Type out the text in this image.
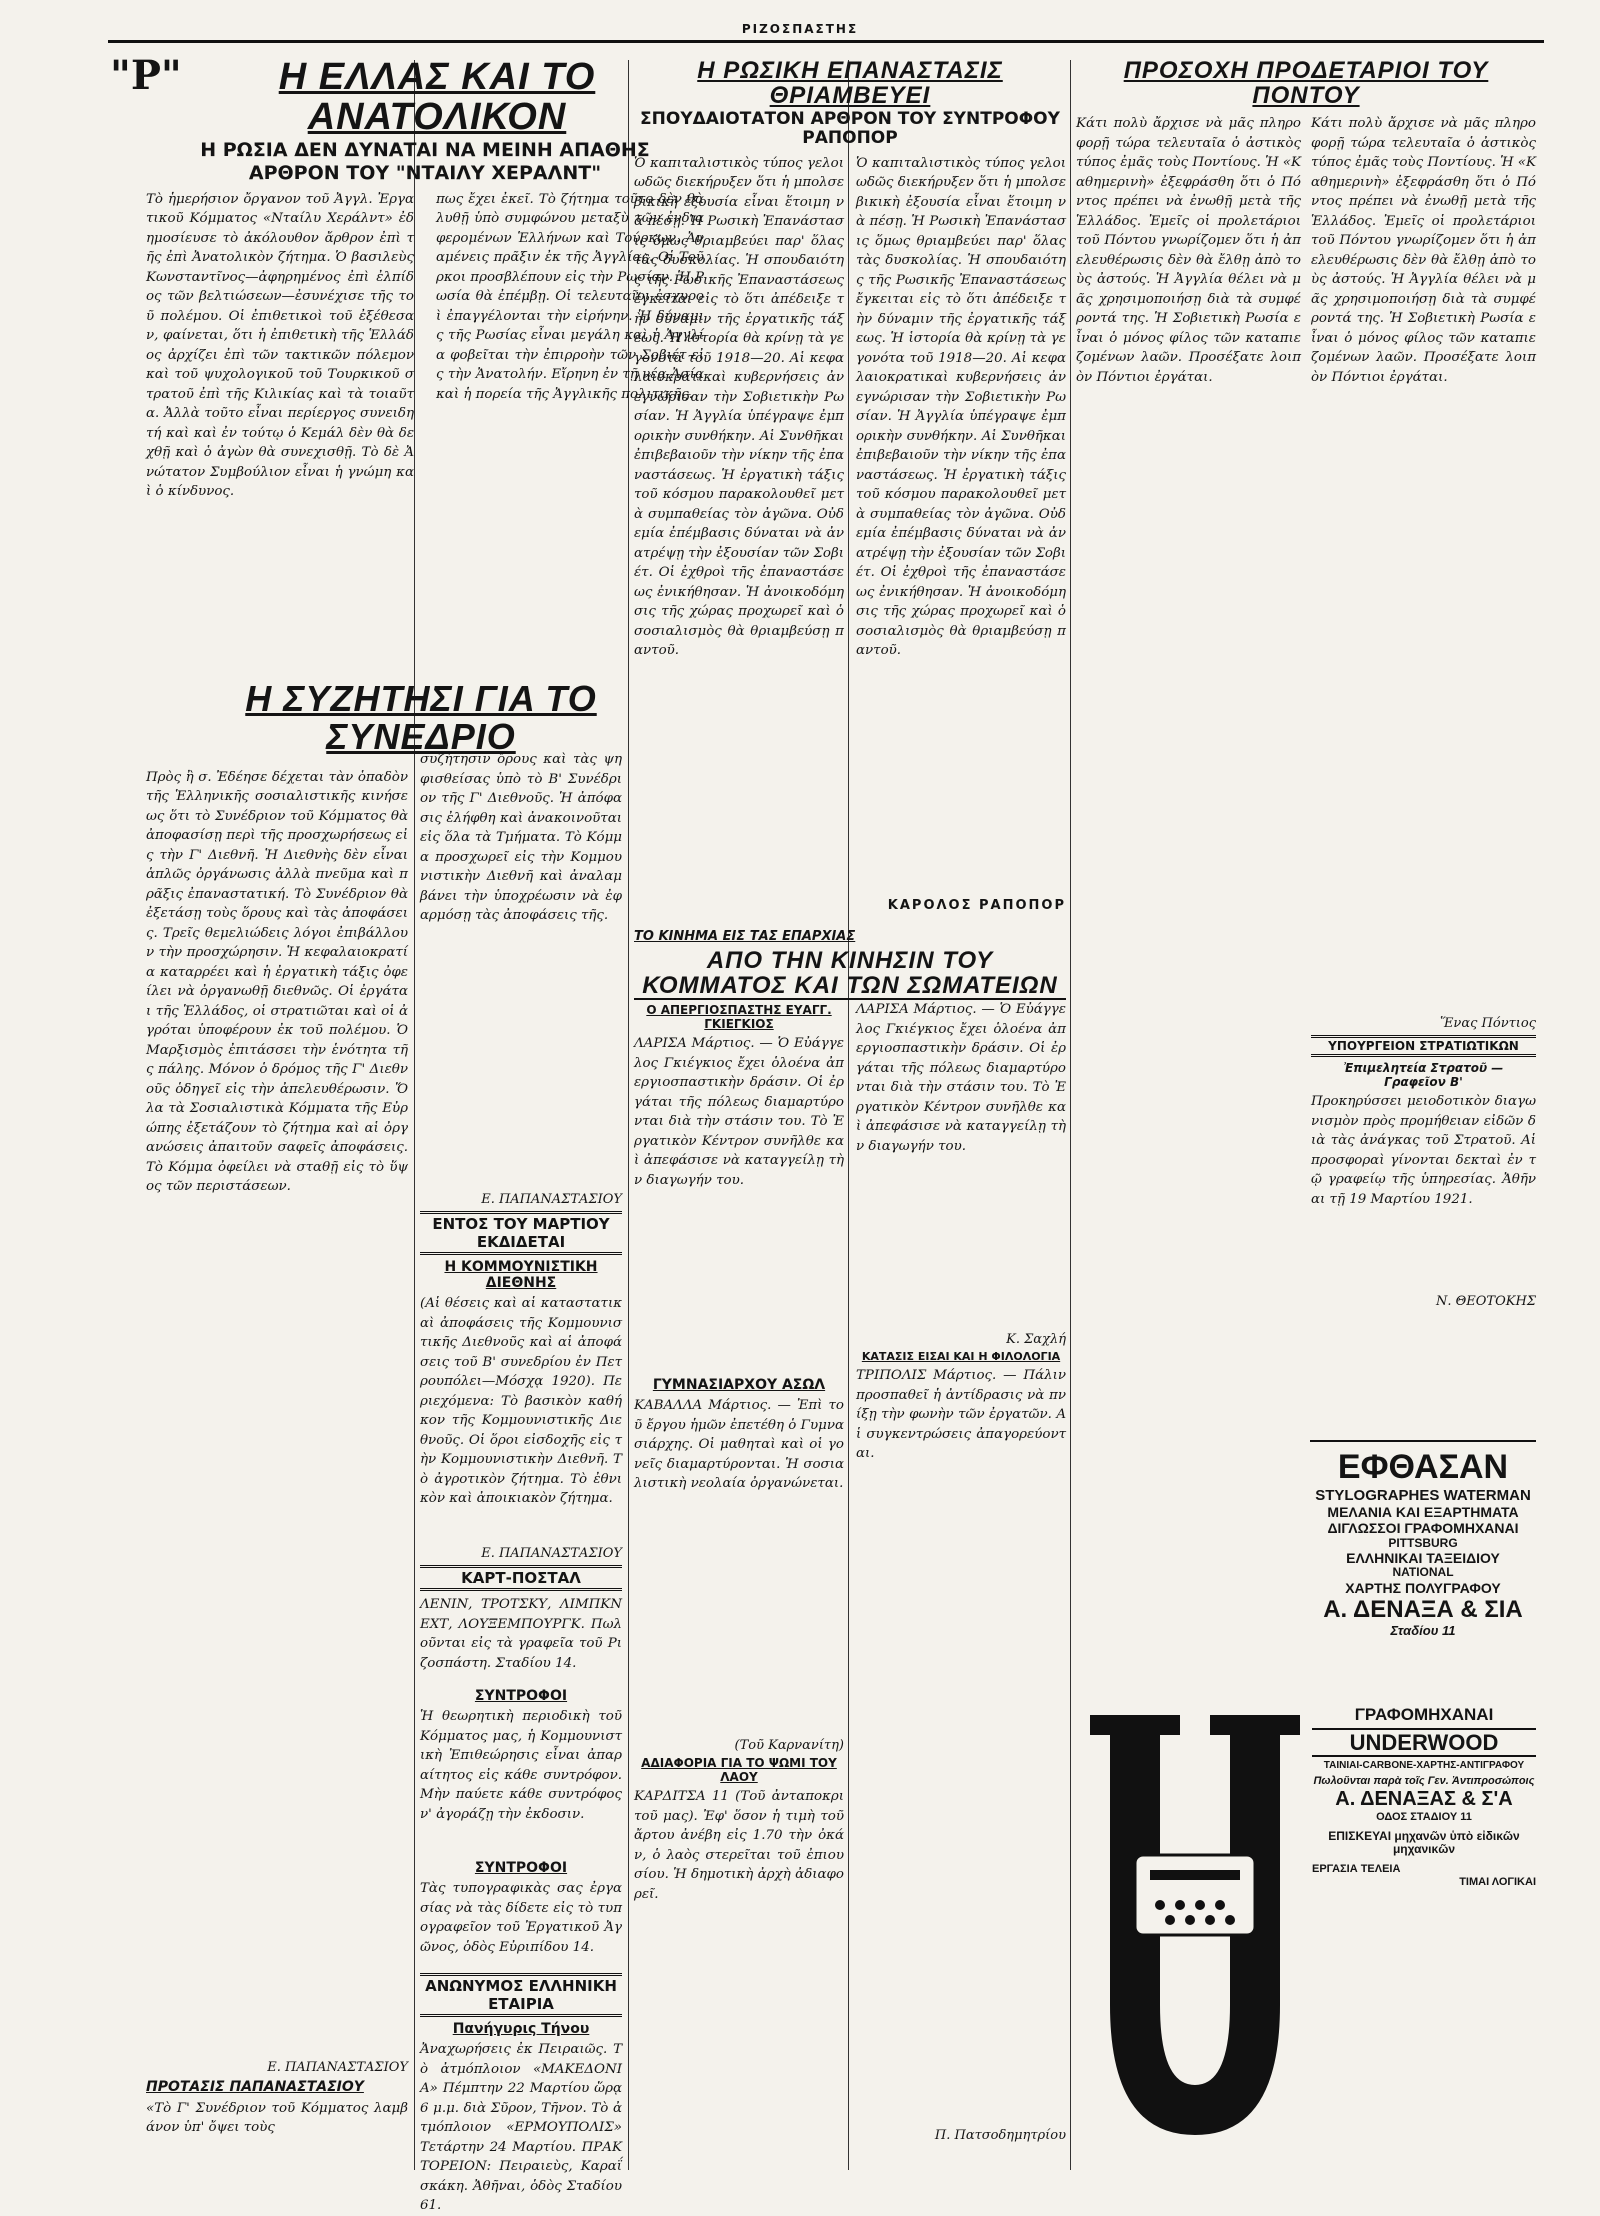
ΡΙΖΟΣΠΑΣΤΗΣ
"Ρ"	Η ΕΛΛΑΣ ΚΑΙ ΤΟ ΑΝΑΤΟΛΙΚΟΝ
Η ΡΩΣΙΑ ΔΕΝ ΔΥΝΑΤΑΙ ΝΑ ΜΕΙΝΗ ΑΠΑΘΗΣ
ΑΡΘΡΟΝ ΤΟΥ "ΝΤΑΙΛΥ ΧΕΡΑΛΝΤ"

Τὸ ἡμερήσιον ὄργανον τοῦ Ἀγγλ. Ἐργατικοῦ Κόμματος «Νταίλυ Χεράλντ» ἐδημοσίευσε τὸ ἀκόλουθον ἄρθρον ἐπὶ τῆς ἐπὶ Ἀνατολικὸν ζήτημα. Ὁ βασιλεὺς Κωνσταντῖνος—ἀφηρημένος ἐπὶ ἐλπίδος τῶν βελτιώσεων—ἐσυνέχισε τῆς τοῦ πολέμου. Οἱ ἐπιθετικοὶ τοῦ ἐξέθεσαν, φαίνεται, ὅτι ἡ ἐπιθετικὴ τῆς Ἑλλάδος ἀρχίζει ἐπὶ τῶν τακτικῶν πόλεμον καὶ τοῦ ψυχολογικοῦ τοῦ Τουρκικοῦ στρατοῦ ἐπὶ τῆς Κιλικίας καὶ τὰ τοιαῦτα. Ἀλλὰ τοῦτο εἶναι περίεργος συνειδητή καὶ καὶ ἐν τούτῳ ὁ Κεμάλ δὲν θὰ δεχθῇ καὶ ὁ ἀγὼν θὰ συνεχισθῇ. Τὸ δὲ Ἀνώτατον Συμβούλιον εἶναι ἡ γνώμη καὶ ὁ κίνδυνος.

πως ἔχει ἐκεῖ. Τὸ ζήτημα τοῦτο δὲν θὰ λυθῇ ὑπὸ συμφώνου μεταξὺ τῶν ἐνδιαφερομένων Ἑλλήνων καὶ Τούρκων. Ἀναμένεις πρᾶξιν ἐκ τῆς Ἀγγλίας. Οἱ Τοῦρκοι προσβλέπουν εἰς τὴν Ρωσίαν. Ἡ Ρωσία θὰ ἐπέμβῃ. Οἱ τελευταῖοι ἐσχυροὶ ἐπαγγέλονται τὴν εἰρήνην. Ἡ δύναμις τῆς Ρωσίας εἶναι μεγάλη καὶ ἡ Ἀγγλία φοβεῖται τὴν ἐπιρροὴν τῶν Σοβιέτ εἰς τὴν Ἀνατολήν. Εἴρηνη ἐν τῇ νέᾳ Ἀσίᾳ καὶ ἡ πορεία τῆς Ἀγγλικῆς πολιτικῆς.

Η ΣΥΖΗΤΗΣΙ ΓΙΑ ΤΟ ΣΥΝΕΔΡΙΟ

Πρὸς ἢ σ. Ἐδέησε δέχεται τὰν ὁπαδὸν τῆς Ἑλληνικῆς σοσιαλιστικῆς κινήσεως ὅτι τὸ Συνέδριον τοῦ Κόμματος θὰ ἀποφασίσῃ περὶ τῆς προσχωρήσεως εἰς τὴν Γ' Διεθνῆ. Ἡ Διεθνὴς δὲν εἶναι ἁπλῶς ὀργάνωσις ἀλλὰ πνεῦμα καὶ πρᾶξις ἐπαναστατική. Τὸ Συνέδριον θὰ ἐξετάσῃ τοὺς ὅρους καὶ τὰς ἀποφάσεις. Τρεῖς θεμελιώδεις λόγοι ἐπιβάλλουν τὴν προσχώρησιν. Ἡ κεφαλαιοκρατία καταρρέει καὶ ἡ ἐργατικὴ τάξις ὀφείλει νὰ ὀργανωθῇ διεθνῶς. Οἱ ἐργάται τῆς Ἑλλάδος, οἱ στρατιῶται καὶ οἱ ἀγρόται ὑποφέρουν ἐκ τοῦ πολέμου. Ὁ Μαρξισμὸς ἐπιτάσσει τὴν ἑνότητα τῆς πάλης. Μόνον ὁ δρόμος τῆς Γ' Διεθνοῦς ὁδηγεῖ εἰς τὴν ἀπελευθέρωσιν. Ὅλα τὰ Σοσιαλιστικὰ Κόμματα τῆς Εὐρώπης ἐξετάζουν τὸ ζήτημα καὶ αἱ ὀργανώσεις ἀπαιτοῦν σαφεῖς ἀποφάσεις. Τὸ Κόμμα ὀφείλει νὰ σταθῇ εἰς τὸ ὕψος τῶν περιστάσεων.

Ε. ΠΑΠΑΝΑΣΤΑΣΙΟΥ
ΠΡΟΤΑΣΙΣ ΠΑΠΑΝΑΣΤΑΣΙΟΥ

«Τὸ Γ' Συνέδριον τοῦ Κόμματος λαμβάνον ὑπ' ὄψει τοὺς

συζήτησιν ὅρους καὶ τὰς ψηφισθείσας ὑπὸ τὸ Β' Συνέδριον τῆς Γ' Διεθνοῦς. Ἡ ἀπόφασις ἐλήφθη καὶ ἀνακοινοῦται εἰς ὅλα τὰ Τμήματα. Τὸ Κόμμα προσχωρεῖ εἰς τὴν Κομμουνιστικὴν Διεθνῆ καὶ ἀναλαμβάνει τὴν ὑποχρέωσιν νὰ ἐφαρμόσῃ τὰς ἀποφάσεις τῆς.

Ε. ΠΑΠΑΝΑΣΤΑΣΙΟΥ
ΕΝΤΟΣ ΤΟΥ ΜΑΡΤΙΟΥ ΕΚΔΙΔΕΤΑΙ
Η ΚΟΜΜΟΥΝΙΣΤΙΚΗ ΔΙΕΘΝΗΣ

(Αἱ θέσεις καὶ αἱ καταστατικαὶ ἀποφάσεις τῆς Κομμουνιστικῆς Διεθνοῦς καὶ αἱ ἀποφάσεις τοῦ Β' συνεδρίου ἐν Πετρουπόλει—Μόσχᾳ 1920). Περιεχόμενα: Τὸ βασικὸν καθήκον τῆς Κομμουνιστικῆς Διεθνοῦς. Οἱ ὅροι εἰσδοχῆς εἰς τὴν Κομμουνιστικὴν Διεθνῆ. Τὸ ἀγροτικὸν ζήτημα. Τὸ ἐθνικὸν καὶ ἀποικιακὸν ζήτημα.

Ε. ΠΑΠΑΝΑΣΤΑΣΙΟΥ
ΚΑΡΤ-ΠΟΣΤΑΛ

ΛΕΝΙΝ, ΤΡΟΤΣΚΥ, ΛΙΜΠΚΝΕΧΤ, ΛΟΥΞΕΜΠΟΥΡΓΚ. Πωλοῦνται εἰς τὰ γραφεῖα τοῦ Ριζοσπάστη. Σταδίου 14.

ΣΥΝΤΡΟΦΟΙ

Ἡ θεωρητικὴ περιοδικὴ τοῦ Κόμματος μας, ἡ Κομμουνιστικὴ Ἐπιθεώρησις εἶναι ἀπαραίτητος εἰς κάθε συντρόφον. Μὴν παύετε κάθε συντρόφος ν' ἀγοράζῃ τὴν ἐκδοσιν.

ΣΥΝΤΡΟΦΟΙ

Τὰς τυπογραφικὰς σας ἐργασίας νὰ τὰς δίδετε εἰς τὸ τυπογραφεῖον τοῦ Ἐργατικοῦ Ἀγῶνος, ὁδὸς Εὐριπίδου 14.

ΑΝΩΝΥΜΟΣ ΕΛΛΗΝΙΚΗ ΕΤΑΙΡΙΑ
Πανήγυρις Τήνου

Ἀναχωρήσεις ἐκ Πειραιῶς. Τὸ ἀτμόπλοιον «ΜΑΚΕΔΟΝΙΑ» Πέμπτην 22 Μαρτίου ὥρᾳ 6 μ.μ. διὰ Σῦρον, Τῆνον. Τὸ ἀτμόπλοιον «ΕΡΜΟΥΠΟΛΙΣ» Τετάρτην 24 Μαρτίου. ΠΡΑΚΤΟΡΕΙΟΝ: Πειραιεὺς, Καραΐσκάκη. Ἀθῆναι, ὁδὸς Σταδίου 61.

Η ΡΩΣΙΚΗ ΕΠΑΝΑΣΤΑΣΙΣ ΘΡΙΑΜΒΕΥΕΙ
ΣΠΟΥΔΑΙΟΤΑΤΟΝ ΑΡΘΡΟΝ ΤΟΥ ΣΥΝΤΡΟΦΟΥ ΡΑΠΟΠΟΡ

Ὁ καπιταλιστικὸς τύπος γελοιωδῶς διεκήρυξεν ὅτι ἡ μπολσεβικικὴ ἐξουσία εἶναι ἕτοιμη νὰ πέσῃ. Ἡ Ρωσικὴ Ἐπανάστασις ὅμως θριαμβεύει παρ' ὅλας τὰς δυσκολίας. Ἡ σπουδαιότης τῆς Ρωσικῆς Ἐπαναστάσεως ἔγκειται εἰς τὸ ὅτι ἀπέδειξε τὴν δύναμιν τῆς ἐργατικῆς τάξεως. Ἡ ἱστορία θὰ κρίνῃ τὰ γεγονότα τοῦ 1918—20. Αἱ κεφαλαιοκρατικαὶ κυβερνήσεις ἀνεγνώρισαν τὴν Σοβιετικὴν Ρωσίαν. Ἡ Ἀγγλία ὑπέγραψε ἐμπορικὴν συνθήκην. Αἱ Συνθῆκαι ἐπιβεβαιοῦν τὴν νίκην τῆς ἐπαναστάσεως. Ἡ ἐργατικὴ τάξις τοῦ κόσμου παρακολουθεῖ μετὰ συμπαθείας τὸν ἀγῶνα. Οὐδεμία ἐπέμβασις δύναται νὰ ἀνατρέψῃ τὴν ἐξουσίαν τῶν Σοβιέτ. Οἱ ἐχθροὶ τῆς ἐπαναστάσεως ἐνικήθησαν. Ἡ ἀνοικοδόμησις τῆς χώρας προχωρεῖ καὶ ὁ σοσιαλισμὸς θὰ θριαμβεύσῃ παντοῦ.

Ὁ καπιταλιστικὸς τύπος γελοιωδῶς διεκήρυξεν ὅτι ἡ μπολσεβικικὴ ἐξουσία εἶναι ἕτοιμη νὰ πέσῃ. Ἡ Ρωσικὴ Ἐπανάστασις ὅμως θριαμβεύει παρ' ὅλας τὰς δυσκολίας. Ἡ σπουδαιότης τῆς Ρωσικῆς Ἐπαναστάσεως ἔγκειται εἰς τὸ ὅτι ἀπέδειξε τὴν δύναμιν τῆς ἐργατικῆς τάξεως. Ἡ ἱστορία θὰ κρίνῃ τὰ γεγονότα τοῦ 1918—20. Αἱ κεφαλαιοκρατικαὶ κυβερνήσεις ἀνεγνώρισαν τὴν Σοβιετικὴν Ρωσίαν. Ἡ Ἀγγλία ὑπέγραψε ἐμπορικὴν συνθήκην. Αἱ Συνθῆκαι ἐπιβεβαιοῦν τὴν νίκην τῆς ἐπαναστάσεως. Ἡ ἐργατικὴ τάξις τοῦ κόσμου παρακολουθεῖ μετὰ συμπαθείας τὸν ἀγῶνα. Οὐδεμία ἐπέμβασις δύναται νὰ ἀνατρέψῃ τὴν ἐξουσίαν τῶν Σοβιέτ. Οἱ ἐχθροὶ τῆς ἐπαναστάσεως ἐνικήθησαν. Ἡ ἀνοικοδόμησις τῆς χώρας προχωρεῖ καὶ ὁ σοσιαλισμὸς θὰ θριαμβεύσῃ παντοῦ.

ΚΑΡΟΛΟΣ ΡΑΠΟΠΟΡ
ΤΟ ΚΙΝΗΜΑ ΕΙΣ ΤΑΣ ΕΠΑΡΧΙΑΣ
ΑΠΟ ΤΗΝ ΚΙΝΗΣΙΝ ΤΟΥ ΚΟΜΜΑΤΟΣ ΚΑΙ ΤΩΝ ΣΩΜΑΤΕΙΩΝ
Ο ΑΠΕΡΓΙΟΣΠΑΣΤΗΣ ΕΥΑΓΓ. ΓΚΙΕΓΚΙΟΣ

ΛΑΡΙΣΑ Μάρτιος. — Ὁ Εὐάγγελος Γκιέγκιος ἔχει ὁλοένα ἀπεργιοσπαστικὴν δράσιν. Οἱ ἐργάται τῆς πόλεως διαμαρτύρονται διὰ τὴν στάσιν του. Τὸ Ἐργατικὸν Κέντρον συνῆλθε καὶ ἀπεφάσισε νὰ καταγγείλῃ τὴν διαγωγήν του.

ΓΥΜΝΑΣΙΑΡΧΟΥ ΑΣΩΛ

ΚΑΒΑΛΛΑ Μάρτιος. — Ἐπὶ τοῦ ἔργου ἡμῶν ἐπετέθη ὁ Γυμνασιάρχης. Οἱ μαθηταὶ καὶ οἱ γονεῖς διαμαρτύρονται. Ἡ σοσιαλιστικὴ νεολαία ὀργανώνεται.

(Τοῦ Καρνανίτη)
ΑΔΙΑΦΟΡΙΑ ΓΙΑ ΤΟ ΨΩΜΙ ΤΟΥ ΛΑΟΥ

ΚΑΡΔΙΤΣΑ 11 (Τοῦ ἀνταποκριτοῦ μας). Ἐφ' ὅσον ἡ τιμὴ τοῦ ἄρτου ἀνέβη εἰς 1.70 τὴν ὀκάν, ὁ λαὸς στερεῖται τοῦ ἐπιουσίου. Ἡ δημοτικὴ ἀρχὴ ἀδιαφορεῖ.

ΛΑΡΙΣΑ Μάρτιος. — Ὁ Εὐάγγελος Γκιέγκιος ἔχει ὁλοένα ἀπεργιοσπαστικὴν δράσιν. Οἱ ἐργάται τῆς πόλεως διαμαρτύρονται διὰ τὴν στάσιν του. Τὸ Ἐργατικὸν Κέντρον συνῆλθε καὶ ἀπεφάσισε νὰ καταγγείλῃ τὴν διαγωγήν του.

Κ. Σαχλή
ΚΑΤΑΣΙΣ ΕΙΣΑΙ ΚΑΙ Η ΦΙΛΟΛΟΓΙΑ

ΤΡΙΠΟΛΙΣ Μάρτιος. — Πάλιν προσπαθεῖ ἡ ἀντίδρασις νὰ πνίξῃ τὴν φωνὴν τῶν ἐργατῶν. Αἱ συγκεντρώσεις ἀπαγορεύονται.

Π. Πατσοδημητρίου
ΠΡΟΣΟΧΗ ΠΡΟΔΕΤΑΡΙΟΙ ΤΟΥ ΠΟΝΤΟΥ

Κάτι πολὺ ἄρχισε νὰ μᾶς πληροφορῇ τώρα τελευταῖα ὁ ἀστικὸς τύπος ἐμᾶς τοὺς Ποντίους. Ἡ «Καθημερινὴ» ἐξεφράσθη ὅτι ὁ Πόντος πρέπει νὰ ἐνωθῇ μετὰ τῆς Ἑλλάδος. Ἐμεῖς οἱ προλετάριοι τοῦ Πόντου γνωρίζομεν ὅτι ἡ ἀπελευθέρωσις δὲν θὰ ἔλθῃ ἀπὸ τοὺς ἀστούς. Ἡ Ἀγγλία θέλει νὰ μᾶς χρησιμοποιήσῃ διὰ τὰ συμφέροντά της. Ἡ Σοβιετικὴ Ρωσία εἶναι ὁ μόνος φίλος τῶν καταπιεζομένων λαῶν. Προσέξατε λοιπὸν Πόντιοι ἐργάται.

Κάτι πολὺ ἄρχισε νὰ μᾶς πληροφορῇ τώρα τελευταῖα ὁ ἀστικὸς τύπος ἐμᾶς τοὺς Ποντίους. Ἡ «Καθημερινὴ» ἐξεφράσθη ὅτι ὁ Πόντος πρέπει νὰ ἐνωθῇ μετὰ τῆς Ἑλλάδος. Ἐμεῖς οἱ προλετάριοι τοῦ Πόντου γνωρίζομεν ὅτι ἡ ἀπελευθέρωσις δὲν θὰ ἔλθῃ ἀπὸ τοὺς ἀστούς. Ἡ Ἀγγλία θέλει νὰ μᾶς χρησιμοποιήσῃ διὰ τὰ συμφέροντά της. Ἡ Σοβιετικὴ Ρωσία εἶναι ὁ μόνος φίλος τῶν καταπιεζομένων λαῶν. Προσέξατε λοιπὸν Πόντιοι ἐργάται.

Ἕνας Πόντιος
ΥΠΟΥΡΓΕΙΟΝ ΣΤΡΑΤΙΩΤΙΚΩΝ
Ἐπιμελητεία Στρατοῦ — Γραφεῖον Β'

Προκηρύσσει μειοδοτικὸν διαγωνισμὸν πρὸς προμήθειαν εἰδῶν διὰ τὰς ἀνάγκας τοῦ Στρατοῦ. Αἱ προσφοραὶ γίνονται δεκταὶ ἐν τῷ γραφείῳ τῆς ὑπηρεσίας. Ἀθῆναι τῇ 19 Μαρτίου 1921.

Ν. ΘΕΟΤΟΚΗΣ
ΕΦΘΑΣΑΝ
STYLOGRAPHES WATERMAN
ΜΕΛΑΝΙΑ ΚΑΙ ΕΞΑΡΤΗΜΑΤΑ
ΔΙΓΛΩΣΣΟΙ ΓΡΑΦΟΜΗΧΑΝΑΙ
PITTSBURG
ΕΛΛΗΝΙΚΑΙ ΤΑΞΕΙΔΙΟΥ
NATIONAL
ΧΑΡΤΗΣ ΠΟΛΥΓΡΑΦΟΥ
Α. ΔΕΝΑΞΑ & ΣΙΑ
Σταδίου 11
ΓΡΑΦΟΜΗΧΑΝΑΙ
UNDERWOOD
ΤΑΙΝΙΑΙ-CARBONE-ΧΑΡΤΗΣ-ΑΝΤΙΓΡΑΦΟΥ
Πωλοῦνται παρὰ τοῖς Γεν. Ἀντιπροσώποις
Α. ΔΕΝΑΞΑΣ & Σ'Α
ΟΔΟΣ ΣΤΑΔΙΟΥ 11
ΕΠΙΣΚΕΥΑΙ μηχανῶν ὑπὸ εἰδικῶν μηχανικῶν
ΕΡΓΑΣΙΑ ΤΕΛΕΙΑ
ΤΙΜΑΙ ΛΟΓΙΚΑΙ
